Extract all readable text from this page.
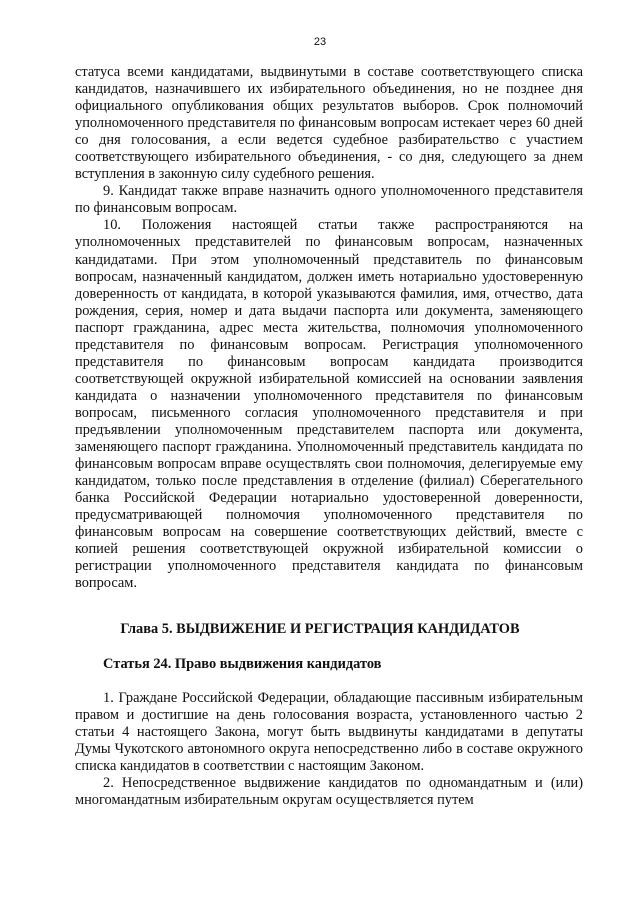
23

статуса всеми кандидатами, выдвинутыми в составе соответствующего списка кандидатов, назначившего их избирательного объединения, но не позднее дня официального опубликования общих результатов выборов. Срок полномочий уполномоченного представителя по финансовым вопросам истекает через 60 дней со дня голосования, а если ведется судебное разбирательство с участием соответствующего избирательного объединения, - со дня, следующего за днем вступления в законную силу судебного решения.

9. Кандидат также вправе назначить одного уполномоченного представителя по финансовым вопросам.

10. Положения настоящей статьи также распространяются на уполномоченных представителей по финансовым вопросам, назначенных кандидатами. При этом уполномоченный представитель по финансовым вопросам, назначенный кандидатом, должен иметь нотариально удостоверенную доверенность от кандидата, в которой указываются фамилия, имя, отчество, дата рождения, серия, номер и дата выдачи паспорта или документа, заменяющего паспорт гражданина, адрес места жительства, полномочия уполномоченного представителя по финансовым вопросам. Регистрация уполномоченного представителя по финансовым вопросам кандидата производится соответствующей окружной избирательной комиссией на основании заявления кандидата о назначении уполномоченного представителя по финансовым вопросам, письменного согласия уполномоченного представителя и при предъявлении уполномоченным представителем паспорта или документа, заменяющего паспорт гражданина. Уполномоченный представитель кандидата по финансовым вопросам вправе осуществлять свои полномочия, делегируемые ему кандидатом, только после представления в отделение (филиал) Сберегательного банка Российской Федерации нотариально удостоверенной доверенности, предусматривающей полномочия уполномоченного представителя по финансовым вопросам на совершение соответствующих действий, вместе с копией решения соответствующей окружной избирательной комиссии о регистрации уполномоченного представителя кандидата по финансовым вопросам.

Глава 5. ВЫДВИЖЕНИЕ И РЕГИСТРАЦИЯ КАНДИДАТОВ
Статья 24. Право выдвижения кандидатов

1. Граждане Российской Федерации, обладающие пассивным избирательным правом и достигшие на день голосования возраста, установленного частью 2 статьи 4 настоящего Закона, могут быть выдвинуты кандидатами в депутаты Думы Чукотского автономного округа непосредственно либо в составе окружного списка кандидатов в соответствии с настоящим Законом.

2. Непосредственное выдвижение кандидатов по одномандатным и (или) многомандатным избирательным округам осуществляется путем
